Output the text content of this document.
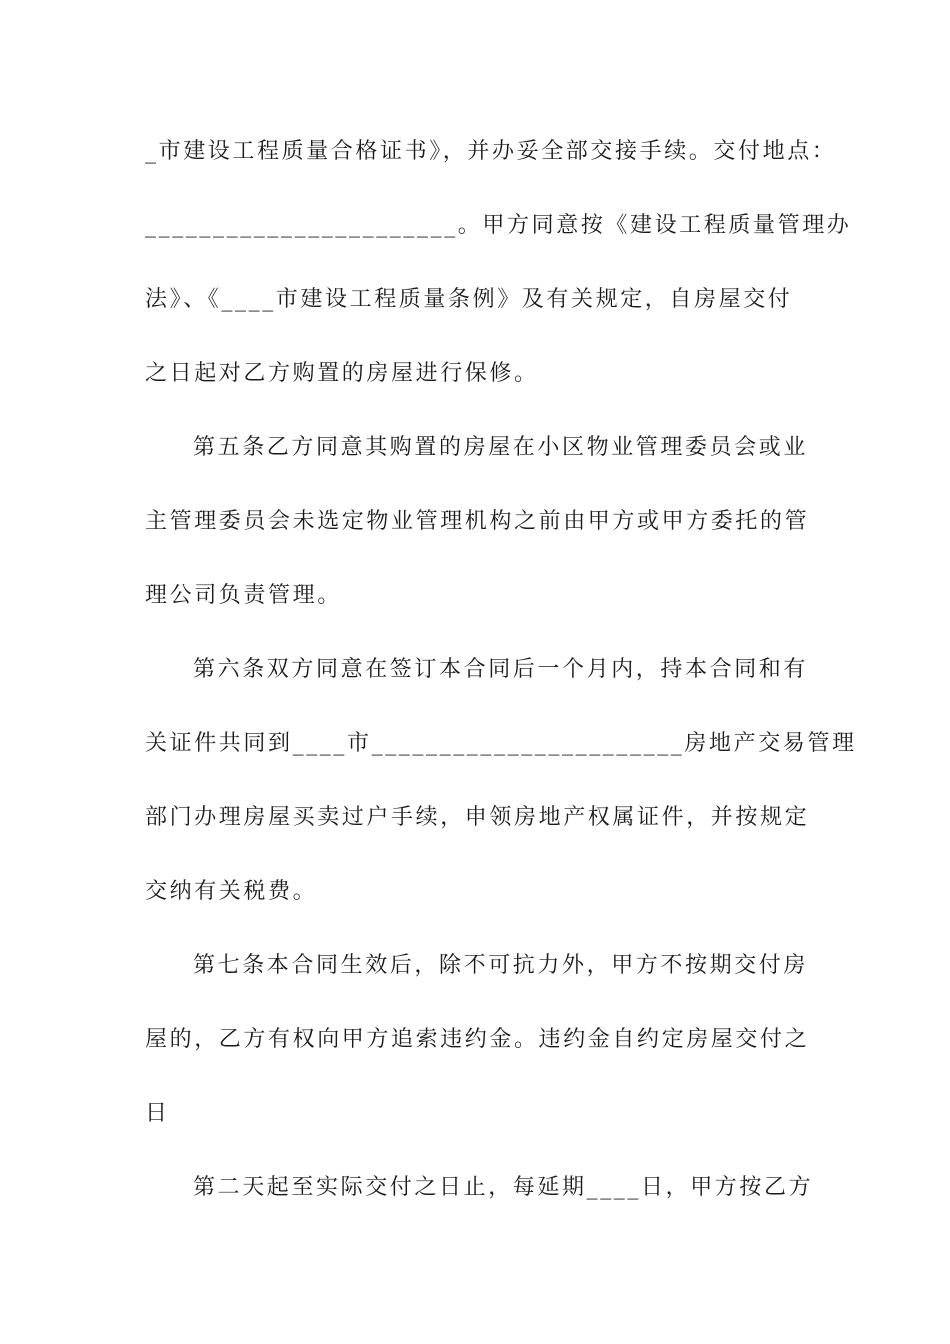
_市建设工程质量合格证书》，并办妥全部交接手续。交付地点：
_______________________。甲方同意按《建设工程质量管理办
法》、《____市建设工程质量条例》及有关规定，自房屋交付
之日起对乙方购置的房屋进行保修。
第五条乙方同意其购置的房屋在小区物业管理委员会或业
主管理委员会未选定物业管理机构之前由甲方或甲方委托的管
理公司负责管理。
第六条双方同意在签订本合同后一个月内，持本合同和有
关证件共同到____市_______________________房地产交易管理
部门办理房屋买卖过户手续，申领房地产权属证件，并按规定
交纳有关税费。
第七条本合同生效后，除不可抗力外，甲方不按期交付房
屋的，乙方有权向甲方追索违约金。违约金自约定房屋交付之
日
第二天起至实际交付之日止，每延期____日，甲方按乙方
